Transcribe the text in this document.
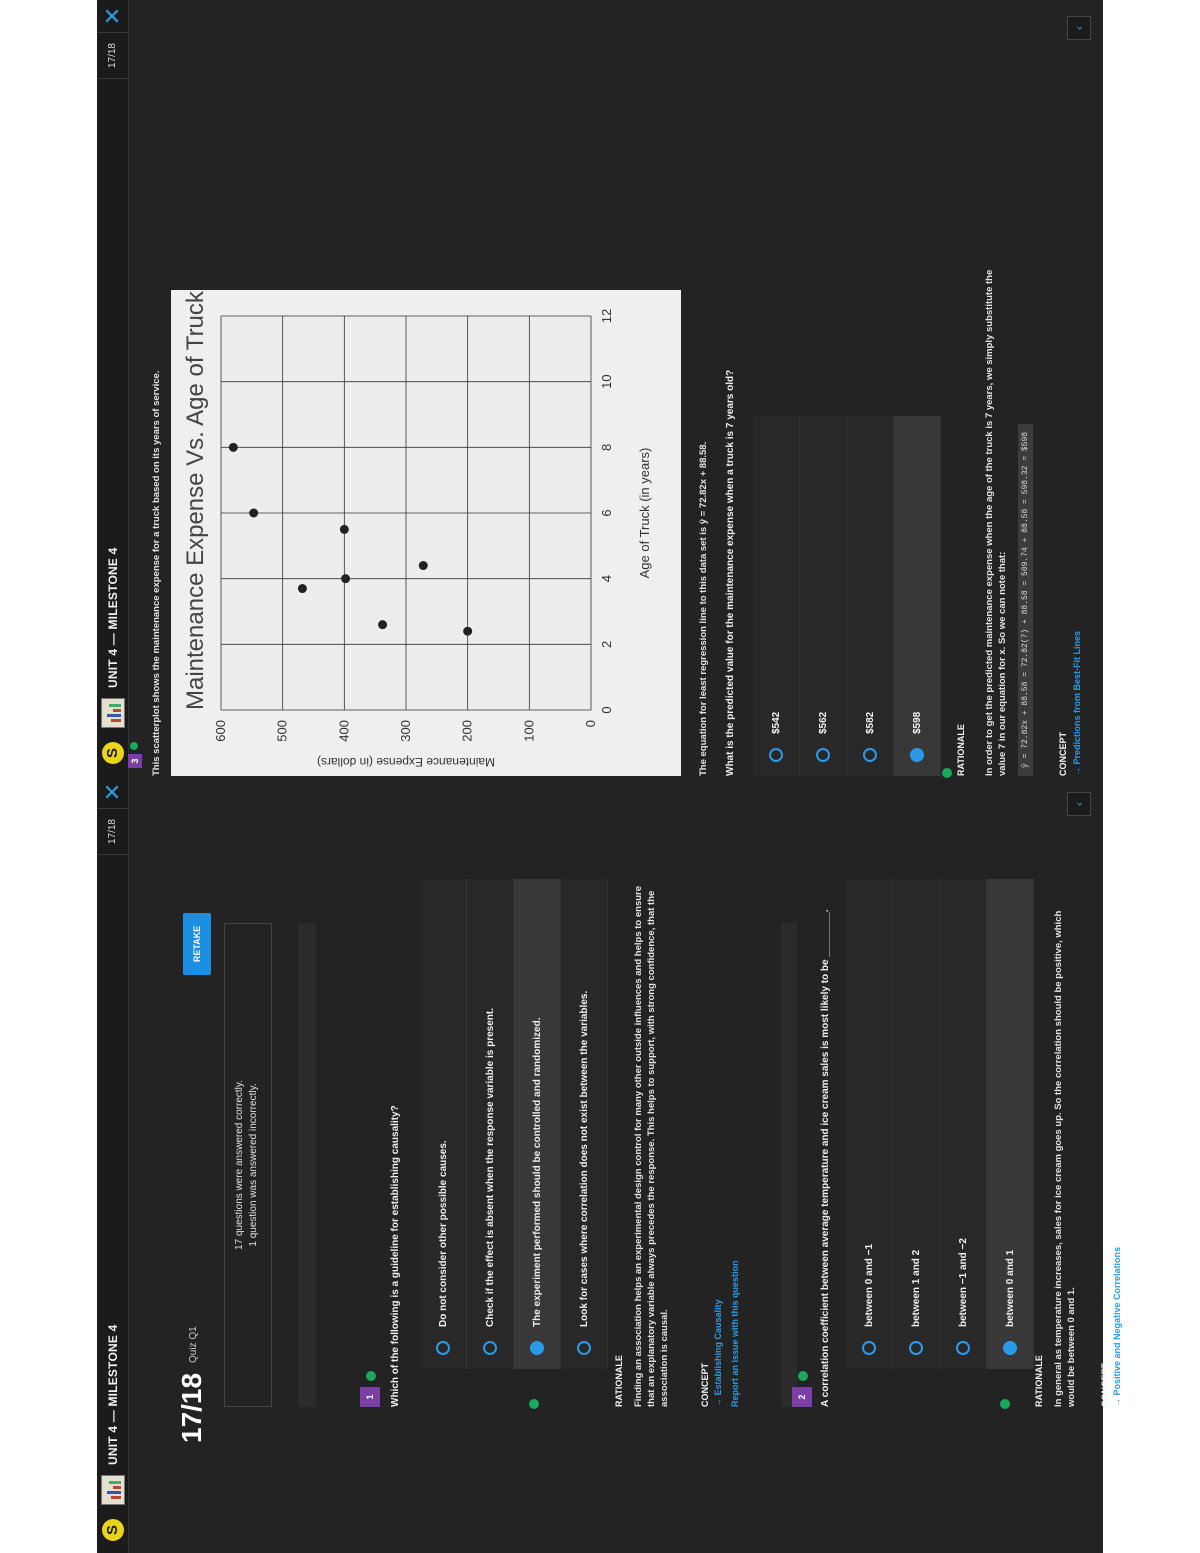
S
UNIT 4 — MILESTONE 4
17/18
✕
17/18
Quiz Q1
17 questions were answered correctly. 1 question was answered incorrectly.
RETAKE
1	Which of the following is a guideline for establishing causality?	Do not consider other possible causes.	Check if the effect is absent when the response variable is present.	The experiment performed should be controlled and randomized.	Look for cases where correlation does not exist between the variables.
RATIONALE Finding an association helps an experimental design control for many other outside influences and helps to ensure that an explanatory variable always precedes the response. This helps to support, with strong confidence, that the association is causal.	CONCEPT → Establishing Causality Report an issue with this question	2	A correlation coefficient between average temperature and ice cream sales is most likely to be ________.	between 0 and −1	between 1 and 2	between −1 and −2	between 0 and 1
RATIONALE In general as temperature increases, sales for ice cream goes up. So the correlation should be positive, which would be between 0 and 1.	CONCEPT → Positive and Negative Correlations
‹
S
UNIT 4 — MILESTONE 4
17/18
✕
3 This scatterplot shows the maintenance expense for a truck based on its years of service.	0
2
4
6
8
10
12
0
100
200
300
400
500
600
Maintenance Expense Vs. Age of Truck	Age of Truck (in years)
Maintenance Expense (in dollars)	The equation for least regression line to this data set is ŷ = 72.82x + 88.58. What is the predicted value for the maintenance expense when a truck is 7 years old?	$542	$562	$582	$598
RATIONALE In order to get the predicted maintenance expense when the age of the truck is 7 years, we simply substitute the value 7 in our equation for x. So we can note that:	ŷ = 72.82x + 88.58 = 72.82(7) + 88.58 = 509.74 + 88.58 = 598.32 ≈ $598	CONCEPT → Predictions from Best-Fit Lines
‹
